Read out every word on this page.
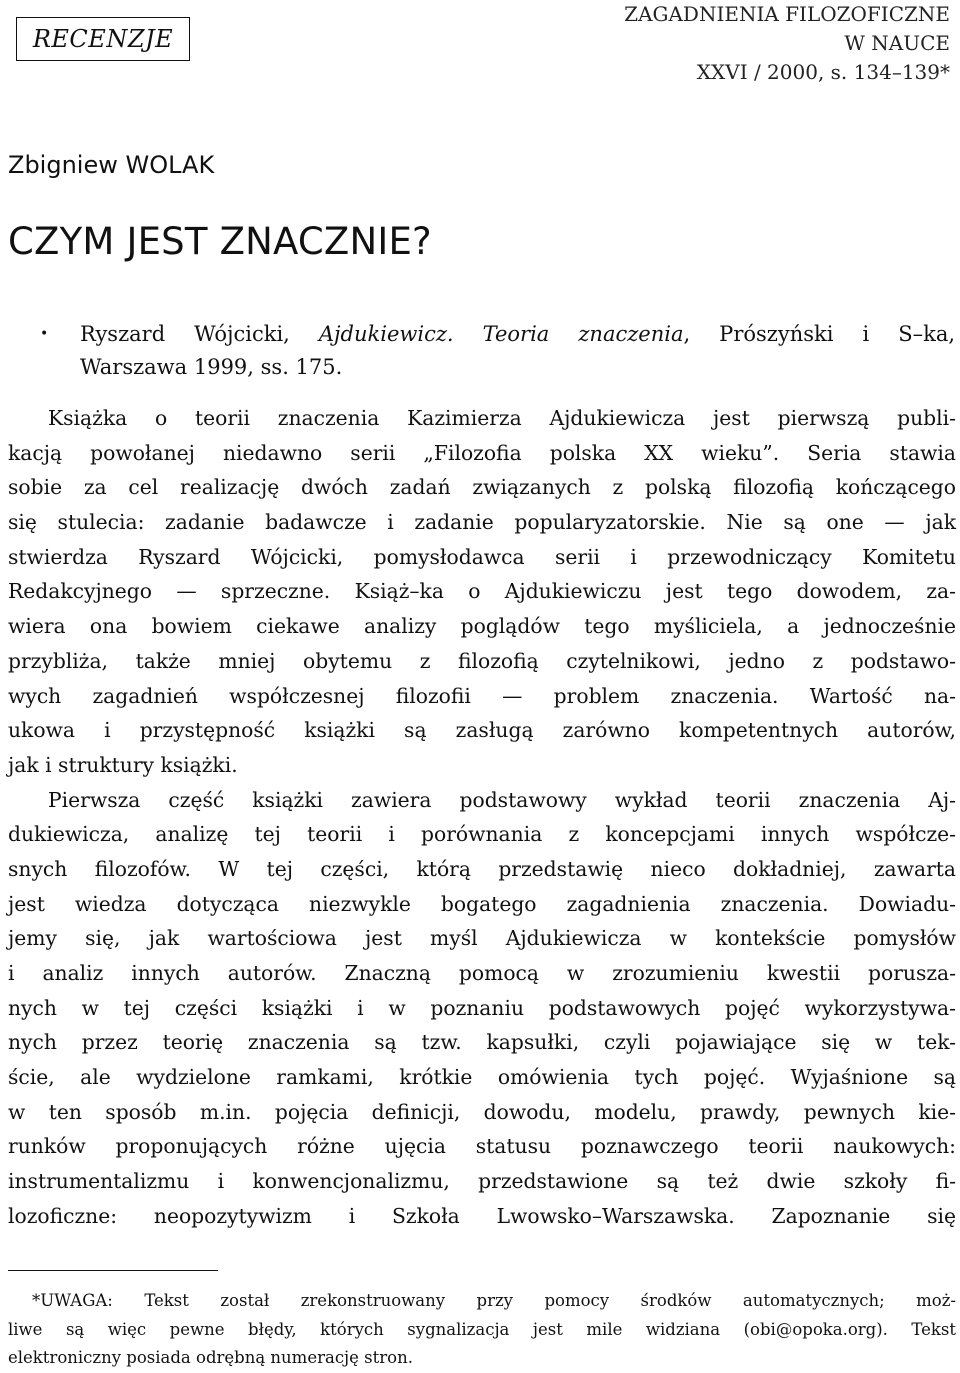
RECENZJE
ZAGADNIENIA FILOZOFICZNE
W NAUCE
XXVI / 2000, s. 134–139*
Zbigniew WOLAK
CZYM JEST ZNACZNIE?
• Ryszard Wójcicki, Ajdukiewicz. Teoria znaczenia, Prószyński i S–ka,
Warszawa 1999, ss. 175.
Książka o teorii znaczenia Kazimierza Ajdukiewicza jest pierwszą publi-
kacją powołanej niedawno serii „Filozofia polska XX wieku”. Seria stawia
sobie za cel realizację dwóch zadań związanych z polską filozofią kończącego
się stulecia: zadanie badawcze i zadanie popularyzatorskie. Nie są one — jak
stwierdza Ryszard Wójcicki, pomysłodawca serii i przewodniczący Komitetu
Redakcyjnego — sprzeczne. Książ–ka o Ajdukiewiczu jest tego dowodem, za-
wiera ona bowiem ciekawe analizy poglądów tego myśliciela, a jednocześnie
przybliża, także mniej obytemu z filozofią czytelnikowi, jedno z podstawo-
wych zagadnień współczesnej filozofii — problem znaczenia. Wartość na-
ukowa i przystępność książki są zasługą zarówno kompetentnych autorów,
jak i struktury książki.
Pierwsza część książki zawiera podstawowy wykład teorii znaczenia Aj-
dukiewicza, analizę tej teorii i porównania z koncepcjami innych współcze-
snych filozofów. W tej części, którą przedstawię nieco dokładniej, zawarta
jest wiedza dotycząca niezwykle bogatego zagadnienia znaczenia. Dowiadu-
jemy się, jak wartościowa jest myśl Ajdukiewicza w kontekście pomysłów
i analiz innych autorów. Znaczną pomocą w zrozumieniu kwestii porusza-
nych w tej części książki i w poznaniu podstawowych pojęć wykorzystywa-
nych przez teorię znaczenia są tzw. kapsułki, czyli pojawiające się w tek-
ście, ale wydzielone ramkami, krótkie omówienia tych pojęć. Wyjaśnione są
w ten sposób m.in. pojęcia definicji, dowodu, modelu, prawdy, pewnych kie-
runków proponujących różne ujęcia statusu poznawczego teorii naukowych:
instrumentalizmu i konwencjonalizmu, przedstawione są też dwie szkoły fi-
lozoficzne: neopozytywizm i Szkoła Lwowsko–Warszawska. Zapoznanie się
*UWAGA: Tekst został zrekonstruowany przy pomocy środków automatycznych; moż-
liwe są więc pewne błędy, których sygnalizacja jest mile widziana (obi@opoka.org). Tekst
elektroniczny posiada odrębną numerację stron.
